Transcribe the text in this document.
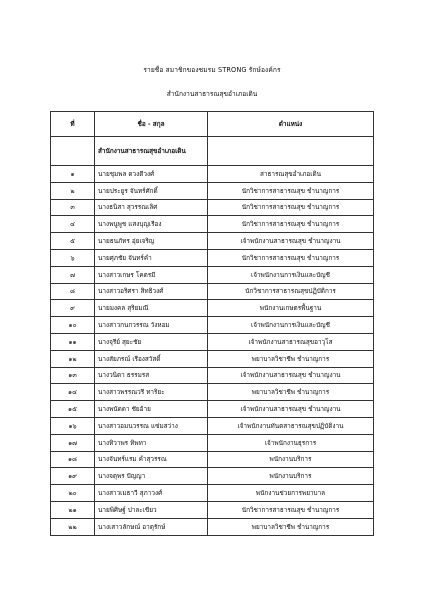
รายชื่อ สมาชิกของชมรม STRONG รักษ์องค์กร
สำนักงานสาธารณสุขอำเภอเดิน
ที่	ชื่อ - สกุล	ตำแหน่ง
	สำนักงานสาธารณสุขอำเภอเดิน	
๑	นายชุมพล ดวงดีวงศ์	สาธารณสุขอำเภอเดิน
๒	นายประยูร จันทร์ศักดิ์	นักวิชาการสาธารณสุข ชำนาญการ
๓	นางธนิสา สุวรรณเลิศ	นักวิชาการสาธารณสุข ชำนาญการ
๔	นางพนูพูช แสงบุญเรือง	นักวิชาการสาธารณสุข ชำนาญการ
๕	นายธนภัทร อุ่ยเจริญ	เจ้าพนักงานสาธารณสุข ชำนาญงาน
๖	นายศุภชัย จันทร์คำ	นักวิชาการสาธารณสุข ชำนาญการ
๗	นางสาวเกษร โคตรมี	เจ้าพนักงานการเงินและบัญชี
๘	นางสาวอริศรา สิทธิวงศ์	นักวิชาการสาธารณสุขปฏิบัติการ
๙	นายมงคล สุริยมณี	พนักงานเกษตรพื้นฐาน
๑๐	นางสาวกนกวรรณ วังหอม	เจ้าพนักงานการเงินและบัญชี
๑๑	นางจุรีย์ สุยะชัย	เจ้าพนักงานสาธารณสุขอาวุโส
๑๒	นางสัยภรณ์ เรืองสวัสดิ์	พยาบาลวิชาชีพ ชำนาญการ
๑๓	นางวนิดา ธรรมรส	เจ้าพนักงานสาธารณสุข ชำนาญงาน
๑๔	นางสาวพรรณวรี ทาริยะ	พยาบาลวิชาชีพ ชำนาญการ
๑๕	นางพนัดดา ชัยอ้าย	เจ้าพนักงานสาธารณสุข ชำนาญงาน
๑๖	นางสาวอมนวรรณ แซ่มสว่าง	เจ้าพนักงานทันตสาธารณสุขปฏิบัติงาน
๑๗	นางทิวาพร ทิพทา	เจ้าพนักงานธุรการ
๑๘	นางจันทร์แรม คำสุวรรณ	พนักงานบริการ
๑๙	นางจตุพร ปัญญา	พนักงานบริการ
๒๐	นางสาวเมธาวี สุภาวงศ์	พนักงานช่วยการพยาบาล
๒๑	นายพิศิษฐ์ ปาละเขียว	นักวิชาการสาธารณสุข ชำนาญการ
๒๒	นางเสาวลักษณ์ อาตุรักษ์	พยาบาลวิชาชีพ ชำนาญการ
